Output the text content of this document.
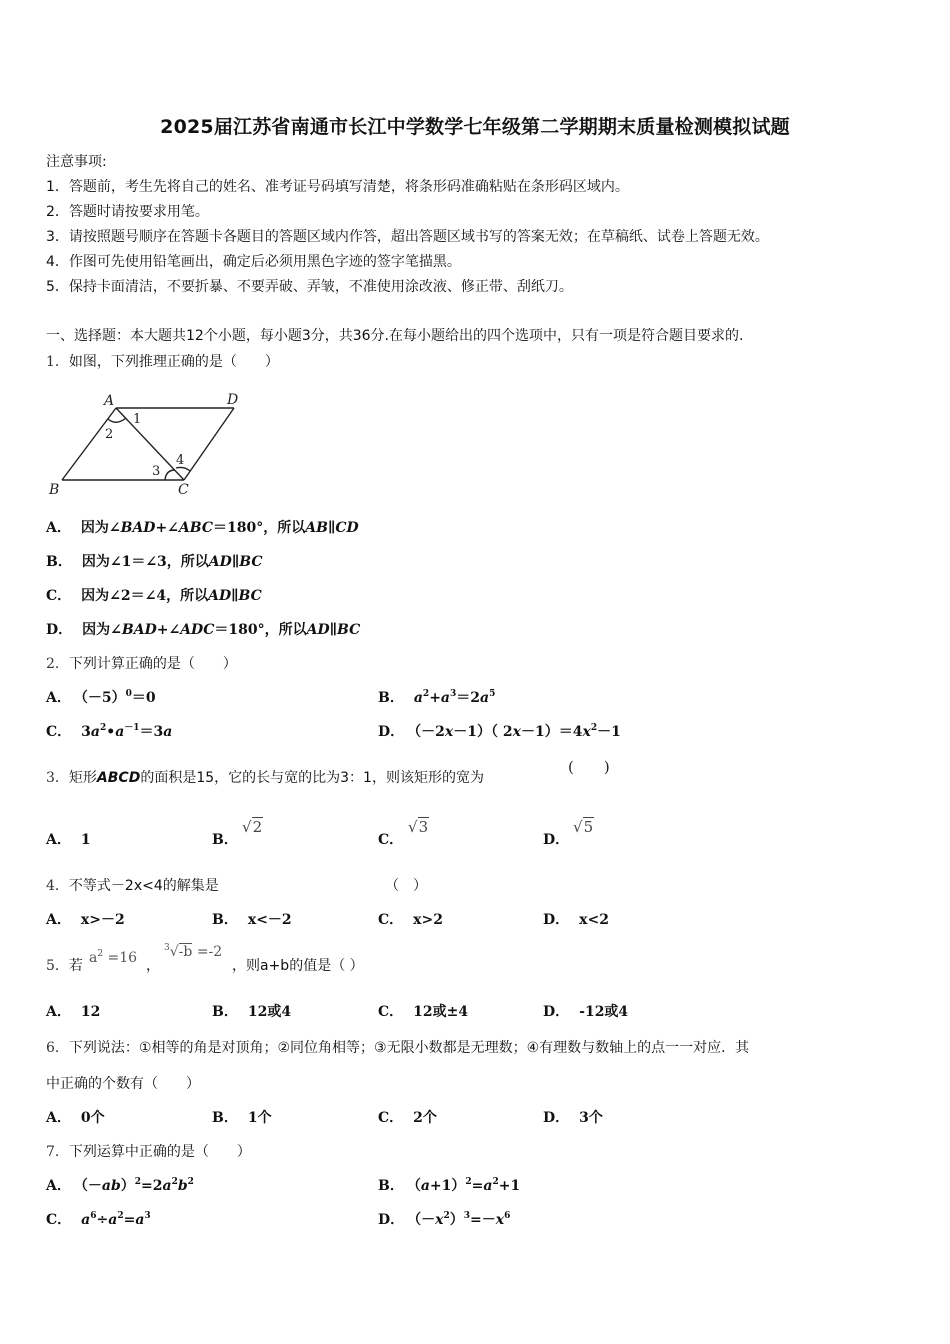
2025届江苏省南通市长江中学数学七年级第二学期期末质量检测模拟试题
注意事项:
1．答题前，考生先将自己的姓名、准考证号码填写清楚，将条形码准确粘贴在条形码区域内。
2．答题时请按要求用笔。
3．请按照题号顺序在答题卡各题目的答题区域内作答，超出答题区域书写的答案无效；在草稿纸、试卷上答题无效。
4．作图可先使用铅笔画出，确定后必须用黑色字迹的签字笔描黑。
5．保持卡面清洁，不要折暴、不要弄破、弄皱，不准使用涂改液、修正带、刮纸刀。
一、选择题：本大题共12个小题，每小题3分，共36分.在每小题给出的四个选项中，只有一项是符合题目要求的.
1．如图，下列推理正确的是（　　）
A	D
B	C
1
2
3
4
A． 因为∠BAD+∠ABC＝180°，所以AB∥CD
B． 因为∠1＝∠3，所以AD∥BC
C． 因为∠2＝∠4，所以AD∥BC
D． 因为∠BAD+∠ADC＝180°，所以AD∥BC
2．下列计算正确的是（　　）
A． $(-5)^0=0$	B． $a^2+a^3=2a^5$
C． $3a^2•a^{-1}=3a$	D． （－2x－1）（ $2x-1)=4x^2-1$
3．矩形ABCD的面积是15，它的长与宽的比为3：1，则该矩形的宽为
(　　)
A． 1	B．
√2
C．
√3
D．
√5
4．不等式－2x<4的解集是	（　）
A． x>－2	B． x<－2	C． x>2	D． x<2
5．若 $a^2 =16$ ，
$^3$√-b =-2
，则a+b的值是（ ）
A． 12	B． 12或4	C． 12或±4	D． -12或4
6．下列说法：①相等的角是对顶角；②同位角相等；③无限小数都是无理数；④有理数与数轴上的点一一对应．其
中正确的个数有（　　）
A． 0个	B． 1个	C． 2个	D． 3个
7．下列运算中正确的是（　　）
A． $(-ab)^2=2a^2b^2$	B． $(a+1)^2=a^2+1$
C． $a^6\div a^2=a^3$	D． $(-x^2)^3=-x^6$
